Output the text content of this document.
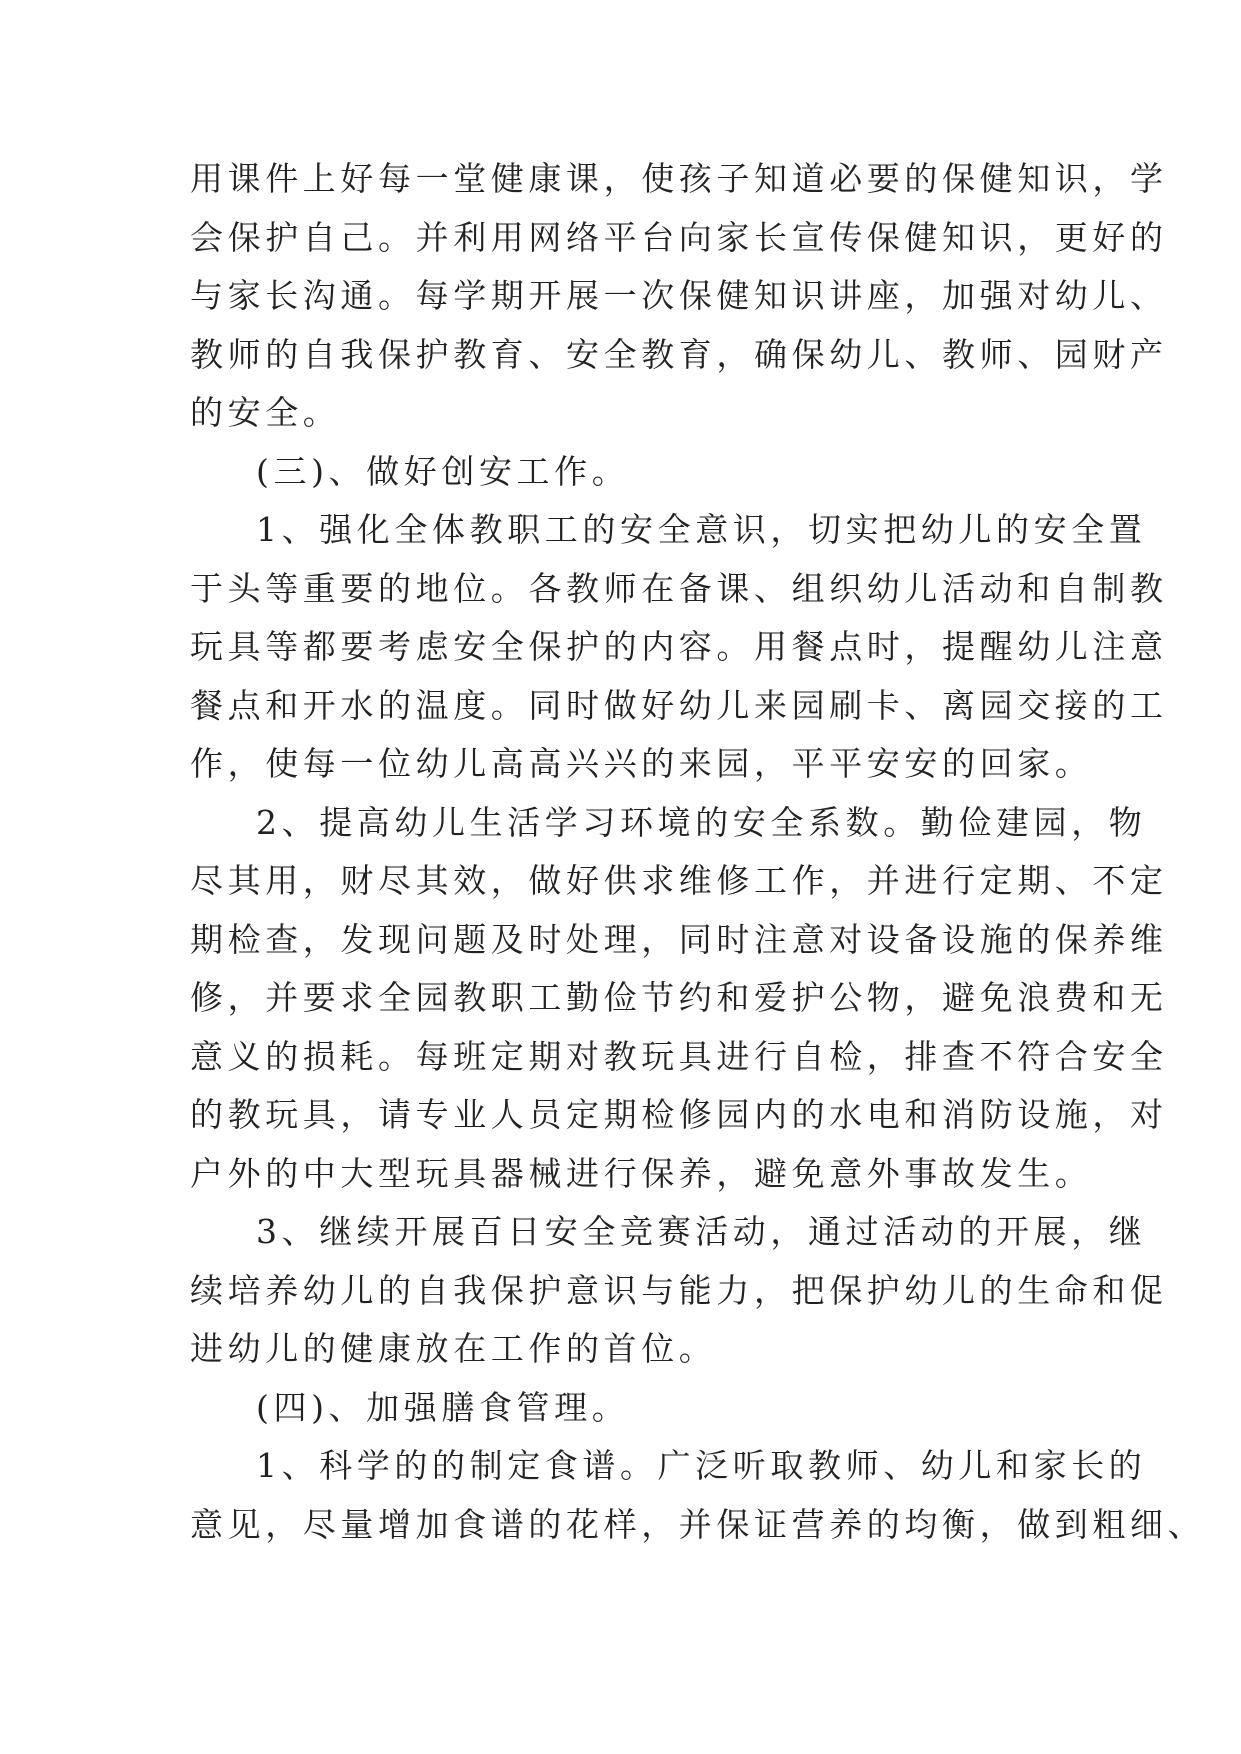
用课件上好每一堂健康课，使孩子知道必要的保健知识，学
会保护自己。并利用网络平台向家长宣传保健知识，更好的
与家长沟通。每学期开展一次保健知识讲座，加强对幼儿、
教师的自我保护教育、安全教育，确保幼儿、教师、园财产
的安全。
(三)、做好创安工作。
1、强化全体教职工的安全意识，切实把幼儿的安全置
于头等重要的地位。各教师在备课、组织幼儿活动和自制教
玩具等都要考虑安全保护的内容。用餐点时，提醒幼儿注意
餐点和开水的温度。同时做好幼儿来园刷卡、离园交接的工
作，使每一位幼儿高高兴兴的来园，平平安安的回家。
2、提高幼儿生活学习环境的安全系数。勤俭建园，物
尽其用，财尽其效，做好供求维修工作，并进行定期、不定
期检查，发现问题及时处理，同时注意对设备设施的保养维
修，并要求全园教职工勤俭节约和爱护公物，避免浪费和无
意义的损耗。每班定期对教玩具进行自检，排查不符合安全
的教玩具，请专业人员定期检修园内的水电和消防设施，对
户外的中大型玩具器械进行保养，避免意外事故发生。
3、继续开展百日安全竞赛活动，通过活动的开展，继
续培养幼儿的自我保护意识与能力，把保护幼儿的生命和促
进幼儿的健康放在工作的首位。
(四)、加强膳食管理。
1、科学的的制定食谱。广泛听取教师、幼儿和家长的
意见，尽量增加食谱的花样，并保证营养的均衡，做到粗细、
